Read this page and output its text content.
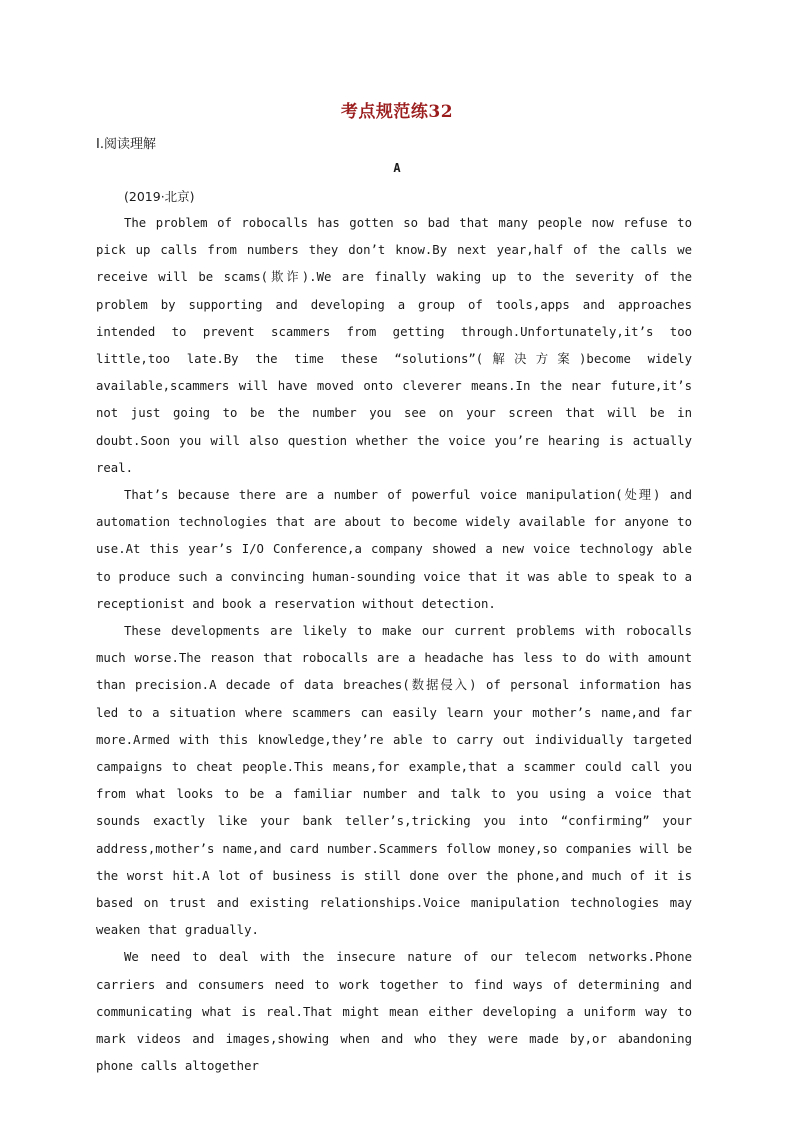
考点规范练32
Ⅰ.阅读理解
A
(2019·北京)

The problem of robocalls has gotten so bad that many people now refuse to pick up calls from numbers they don’t know.By next year,half of the calls we receive will be scams(欺诈).We are finally waking up to the severity of the problem by supporting and developing a group of tools,apps and approaches intended to prevent scammers from getting through.Unfortunately,it’s too little,too late.By the time these “solutions”(解决方案)become widely available,scammers will have moved onto cleverer means.In the near future,it’s not just going to be the number you see on your screen that will be in doubt.Soon you will also question whether the voice you’re hearing is actually real.

That’s because there are a number of powerful voice manipulation(处理) and automation technologies that are about to become widely available for anyone to use.At this year’s I/O Conference,a company showed a new voice technology able to produce such a convincing human-sounding voice that it was able to speak to a receptionist and book a reservation without detection.

These developments are likely to make our current problems with robocalls much worse.The reason that robocalls are a headache has less to do with amount than precision.A decade of data breaches(数据侵入) of personal information has led to a situation where scammers can easily learn your mother’s name,and far more.Armed with this knowledge,they’re able to carry out individually targeted campaigns to cheat people.This means,for example,that a scammer could call you from what looks to be a familiar number and talk to you using a voice that sounds exactly like your bank teller’s,tricking you into “confirming” your address,mother’s name,and card number.Scammers follow money,so companies will be the worst hit.A lot of business is still done over the phone,and much of it is based on trust and existing relationships.Voice manipulation technologies may weaken that gradually.

We need to deal with the insecure nature of our telecom networks.Phone carriers and consumers need to work together to find ways of determining and communicating what is real.That might mean either developing a uniform way to mark videos and images,showing when and who they were made by,or abandoning phone calls altogether
